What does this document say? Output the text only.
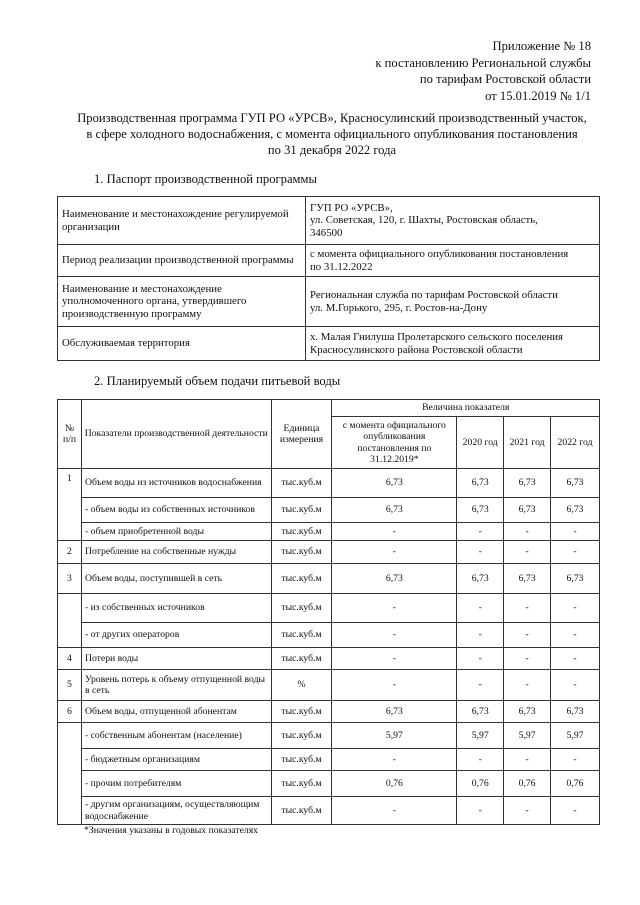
Приложение № 18
к постановлению Региональной службы
по тарифам Ростовской области
от 15.01.2019 № 1/1
Производственная программа ГУП РО «УРСВ», Красносулинский производственный участок,
в сфере холодного водоснабжения, с момента официального опубликования постановления
по 31 декабря 2022 года
1. Паспорт производственной программы
Наименование и местонахождение регулируемой организации	ГУП РО «УРСВ»,
ул. Советская, 120, г. Шахты, Ростовская область,
346500

Период реализации производственной программы	с момента официального опубликования постановления
по 31.12.2022

Наименование и местонахождение уполномоченного органа, утвердившего производственную программу	Региональная служба по тарифам Ростовской области
ул. М.Горького, 295, г. Ростов-на-Дону

Обслуживаемая территория	х. Малая Гнилуша Пролетарского сельского поселения
Красносулинского района Ростовской области
2. Планируемый объем подачи питьевой воды
№ п/п	Показатели производственной деятельности	Единица измерения	Величина показателя			
			с момента официального опубликования постановления по 31.12.2019*	2020 год	2021 год	2022 год
1	Объем воды из источников водоснабжения	тыс.куб.м	6,73	6,73	6,73	6,73
	- объем воды из собственных источников	тыс.куб.м	6,73	6,73	6,73	6,73
	- объем приобретенной воды	тыс.куб.м	-	-	-	-
2	Потребление на собственные нужды	тыс.куб.м	-	-	-	-
3	Объем воды, поступившей в сеть	тыс.куб.м	6,73	6,73	6,73	6,73
	- из собственных источников	тыс.куб.м	-	-	-	-
	- от других операторов	тыс.куб.м	-	-	-	-
4	Потери воды	тыс.куб.м	-	-	-	-
5	Уровень потерь к объему отпущенной воды в сеть	%	-	-	-	-
6	Объем воды, отпущенной абонентам	тыс.куб.м	6,73	6,73	6,73	6,73
	- собственным абонентам (население)	тыс.куб.м	5,97	5,97	5,97	5,97
	- бюджетным организациям	тыс.куб.м	-	-	-	-
	- прочим потребителям	тыс.куб.м	0,76	0,76	0,76	0,76
	- другим организациям, осуществляющим водоснабжение	тыс.куб.м	-	-	-	-
*Значения указаны в годовых показателях
